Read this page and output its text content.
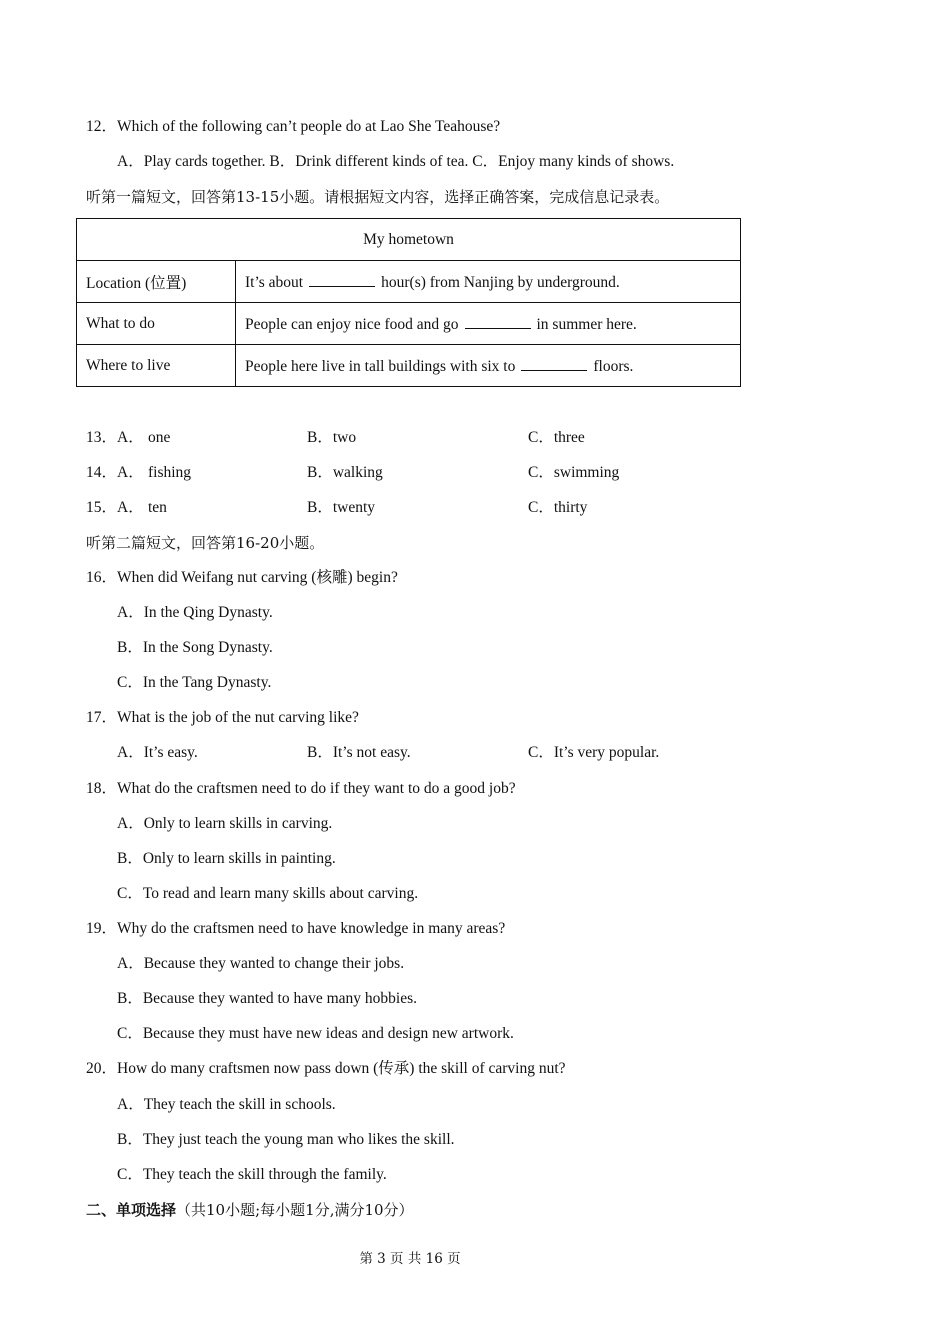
12．Which of the following can’t people do at Lao She Teahouse?
A．Play cards together. B．Drink different kinds of tea. C．Enjoy many kinds of shows.
听第一篇短文，回答第13-15小题。请根据短文内容，选择正确答案，完成信息记录表。
My hometown	
Location (位置)	It’s about hour(s) from Nanjing by underground.
What to do	People can enjoy nice food and go in summer here.
Where to live	People here live in tall buildings with six to floors.
13．A． one	B．two	C．three
14．A． fishing	B．walking	C．swimming
15．A． ten	B．twenty	C．thirty
听第二篇短文，回答第16-20小题。
16．When did Weifang nut carving (核雕) begin?
A．In the Qing Dynasty.
B．In the Song Dynasty.
C．In the Tang Dynasty.
17．What is the job of the nut carving like?
A．It’s easy.	B．It’s not easy.	C．It’s very popular.
18．What do the craftsmen need to do if they want to do a good job?
A．Only to learn skills in carving.
B．Only to learn skills in painting.
C．To read and learn many skills about carving.
19．Why do the craftsmen need to have knowledge in many areas?
A．Because they wanted to change their jobs.
B．Because they wanted to have many hobbies.
C．Because they must have new ideas and design new artwork.
20．How do many craftsmen now pass down (传承) the skill of carving nut?
A．They teach the skill in schools.
B．They just teach the young man who likes the skill.
C．They teach the skill through the family.
二、单项选择（共10小题;每小题1分,满分10分）
第 3 页 共 16 页
